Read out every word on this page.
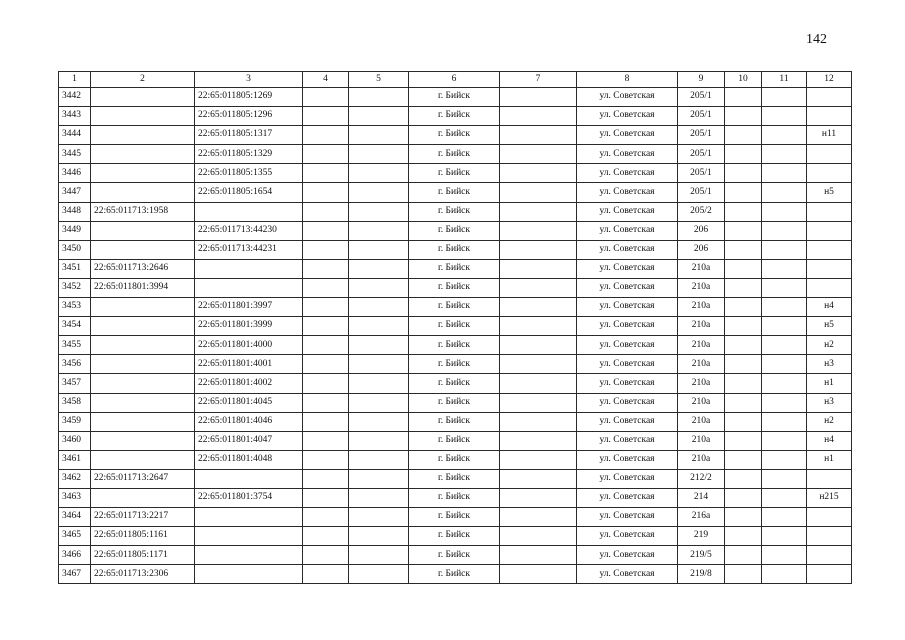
142
1	2	3	4	5	6	7	8	9	10	11	12
3442		22:65:011805:1269			г. Бийск		ул. Советская	205/1			
3443		22:65:011805:1296			г. Бийск		ул. Советская	205/1			
3444		22:65:011805:1317			г. Бийск		ул. Советская	205/1			н11
3445		22:65:011805:1329			г. Бийск		ул. Советская	205/1			
3446		22:65:011805:1355			г. Бийск		ул. Советская	205/1			
3447		22:65:011805:1654			г. Бийск		ул. Советская	205/1			н5
3448	22:65:011713:1958				г. Бийск		ул. Советская	205/2			
3449		22:65:011713:44230			г. Бийск		ул. Советская	206			
3450		22:65:011713:44231			г. Бийск		ул. Советская	206			
3451	22:65:011713:2646				г. Бийск		ул. Советская	210а			
3452	22:65:011801:3994				г. Бийск		ул. Советская	210а			
3453		22:65:011801:3997			г. Бийск		ул. Советская	210а			н4
3454		22:65:011801:3999			г. Бийск		ул. Советская	210а			н5
3455		22:65:011801:4000			г. Бийск		ул. Советская	210а			н2
3456		22:65:011801:4001			г. Бийск		ул. Советская	210а			н3
3457		22:65:011801:4002			г. Бийск		ул. Советская	210а			н1
3458		22:65:011801:4045			г. Бийск		ул. Советская	210а			н3
3459		22:65:011801:4046			г. Бийск		ул. Советская	210а			н2
3460		22:65:011801:4047			г. Бийск		ул. Советская	210а			н4
3461		22:65:011801:4048			г. Бийск		ул. Советская	210а			н1
3462	22:65:011713:2647				г. Бийск		ул. Советская	212/2			
3463		22:65:011801:3754			г. Бийск		ул. Советская	214			н215
3464	22:65:011713:2217				г. Бийск		ул. Советская	216а			
3465	22:65:011805:1161				г. Бийск		ул. Советская	219			
3466	22:65:011805:1171				г. Бийск		ул. Советская	219/5			
3467	22:65:011713:2306				г. Бийск		ул. Советская	219/8			
